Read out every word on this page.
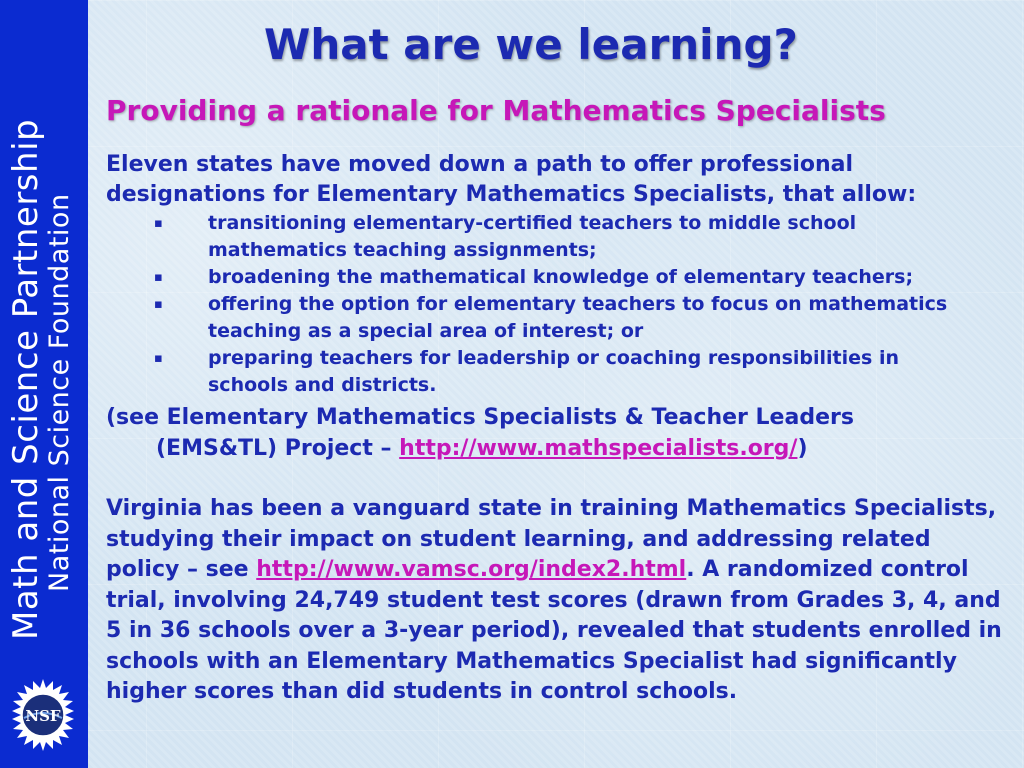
Math and Science Partnership
National Science Foundation
NSF
What are we learning?
Providing a rationale for Mathematics Specialists
Eleven states have moved down a path to offer professional designations for Elementary Mathematics Specialists, that allow:
▪ transitioning elementary-certified teachers to middle school mathematics teaching assignments;
▪ broadening the mathematical knowledge of elementary teachers;
▪ offering the option for elementary teachers to focus on mathematics teaching as a special area of interest; or
▪ preparing teachers for leadership or coaching responsibilities in schools and districts.
(see Elementary Mathematics Specialists & Teacher Leaders
(EMS&TL) Project – http://www.mathspecialists.org/)
Virginia has been a vanguard state in training Mathematics Specialists, studying their impact on student learning, and addressing related policy – see http://www.vamsc.org/index2.html. A randomized control trial, involving 24,749 student test scores (drawn from Grades 3, 4, and 5 in 36 schools over a 3-year period), revealed that students enrolled in schools with an Elementary Mathematics Specialist had significantly higher scores than did students in control schools.
